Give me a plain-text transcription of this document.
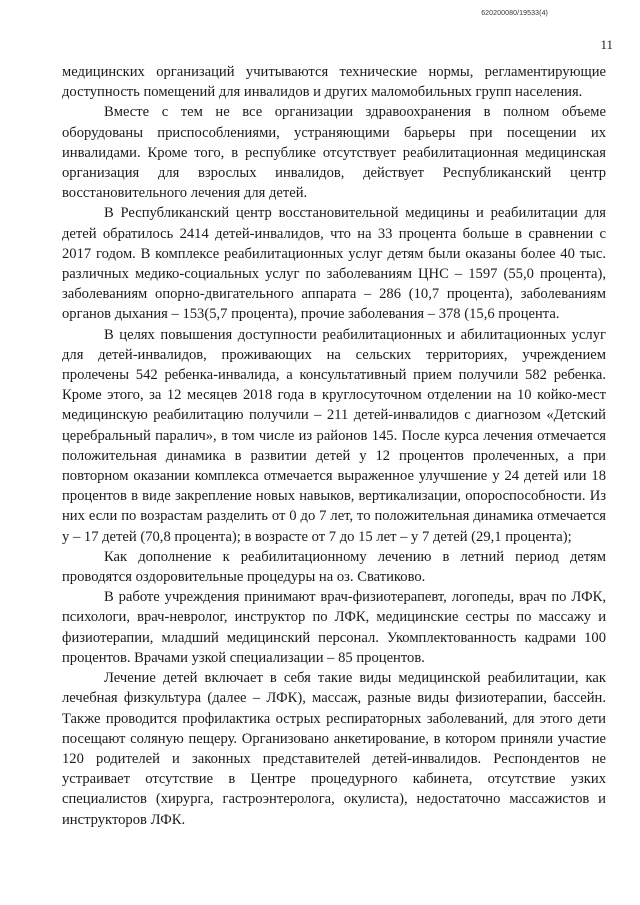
620200080/19533(4)
11

медицинских организаций учитываются технические нормы, регламентирующие доступность помещений для инвалидов и других маломобильных групп населения.

Вместе с тем не все организации здравоохранения в полном объеме оборудованы приспособлениями, устраняющими барьеры при посещении их инвалидами. Кроме того, в республике отсутствует реабилитационная медицинская организация для взрослых инвалидов, действует Республиканский центр восстановительного лечения для детей.

В Республиканский центр восстановительной медицины и реабилитации для детей обратилось 2414 детей-инвалидов, что на 33 процента больше в сравнении с 2017 годом. В комплексе реабилитационных услуг детям были оказаны более 40 тыс. различных медико-социальных услуг по заболеваниям ЦНС – 1597 (55,0 процента), заболеваниям опорно-двигательного аппарата – 286 (10,7 процента), заболеваниям органов дыхания – 153(5,7 процента), прочие заболевания – 378 (15,6 процента.

В целях повышения доступности реабилитационных и абилитационных услуг для детей-инвалидов, проживающих на сельских территориях, учреждением пролечены 542 ребенка-инвалида, а консультативный прием получили 582 ребенка. Кроме этого, за 12 месяцев 2018 года в круглосуточном отделении на 10 койко-мест медицинскую реабилитацию получили – 211 детей-инвалидов с диагнозом «Детский церебральный паралич», в том числе из районов 145. После курса лечения отмечается положительная динамика в развитии детей у 12 процентов пролеченных, а при повторном оказании комплекса отмечается выраженное улучшение у 24 детей или 18 процентов в виде закрепление новых навыков, вертикализации, опороспособности. Из них если по возрастам разделить от 0 до 7 лет, то положительная динамика отмечается у – 17 детей (70,8 процента); в возрасте от 7 до 15 лет – у 7 детей (29,1 процента);

Как дополнение к реабилитационному лечению в летний период детям проводятся оздоровительные процедуры на оз. Сватиково.

В работе учреждения принимают врач-физиотерапевт, логопеды, врач по ЛФК, психологи, врач-невролог, инструктор по ЛФК, медицинские сестры по массажу и физиотерапии, младший медицинский персонал. Укомплектованность кадрами 100 процентов. Врачами узкой специализации – 85 процентов.

Лечение детей включает в себя такие виды медицинской реабилитации, как лечебная физкультура (далее – ЛФК), массаж, разные виды физиотерапии, бассейн. Также проводится профилактика острых респираторных заболеваний, для этого дети посещают соляную пещеру. Организовано анкетирование, в котором приняли участие 120 родителей и законных представителей детей-инвалидов. Респондентов не устраивает отсутствие в Центре процедурного кабинета, отсутствие узких специалистов (хирурга, гастроэнтеролога, окулиста), недостаточно массажистов и инструкторов ЛФК.
